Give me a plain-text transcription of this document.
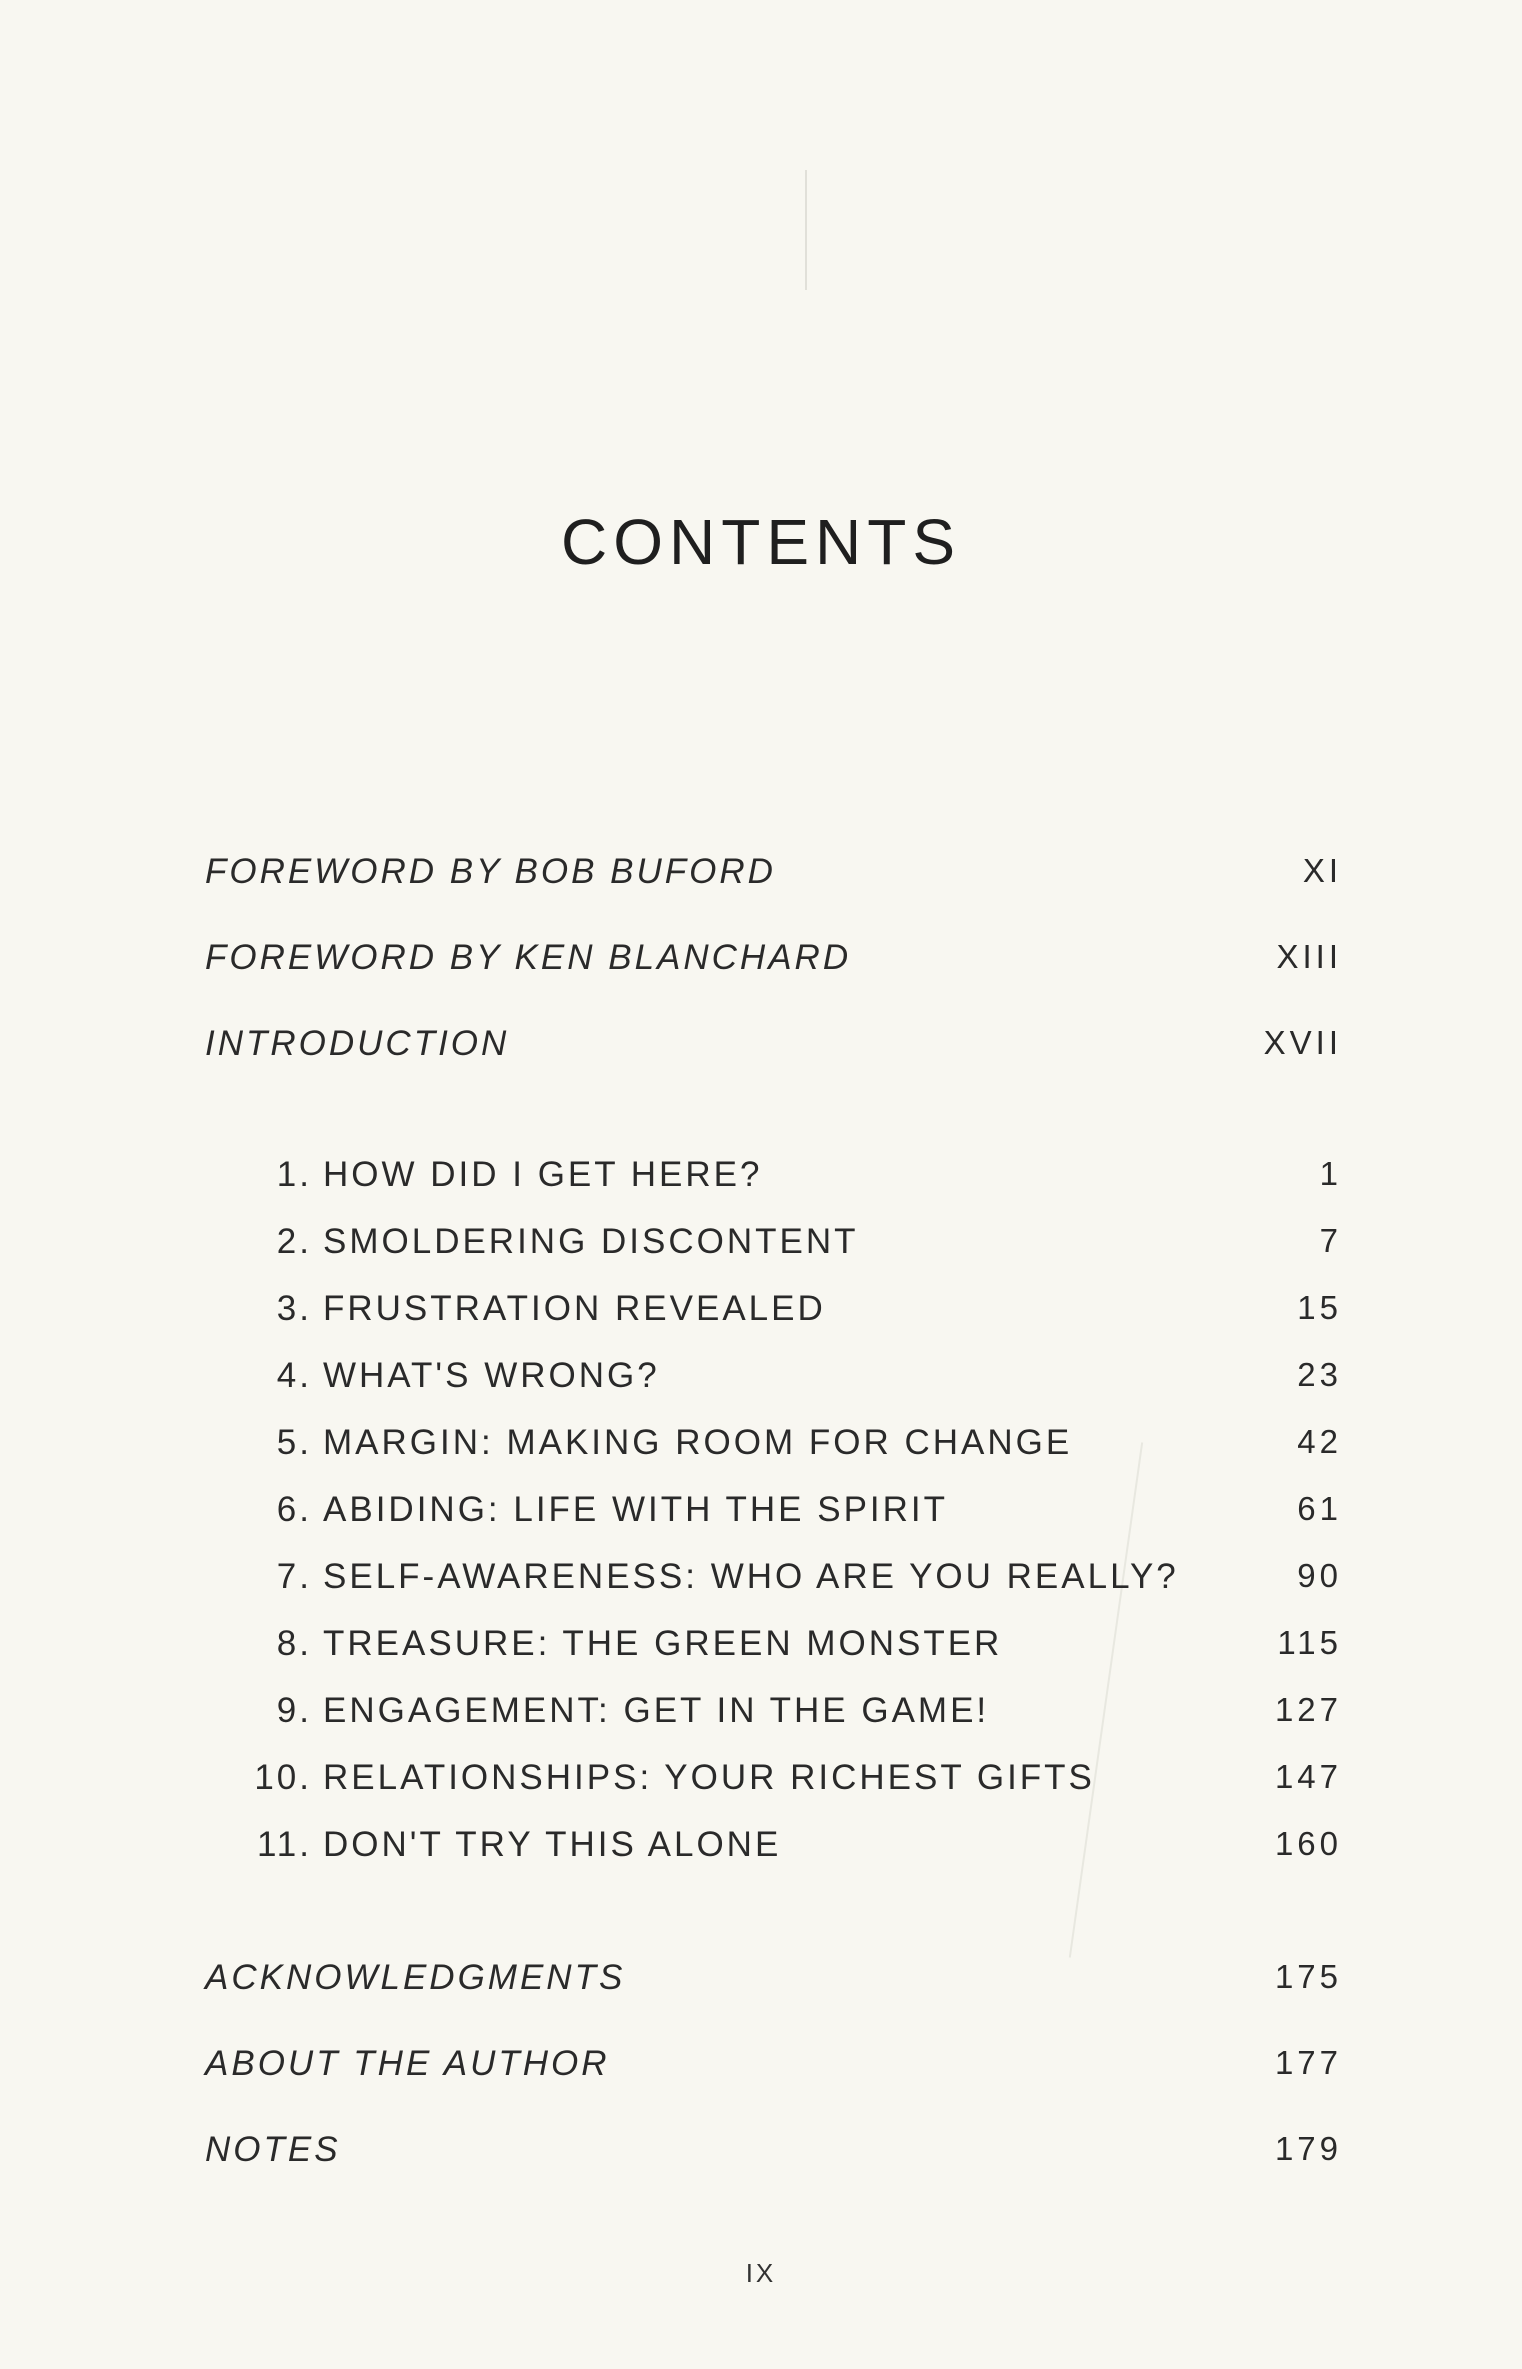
CONTENTS
FOREWORD BY BOB BUFORD	XI
FOREWORD BY KEN BLANCHARD	XIII
INTRODUCTION	XVII
1. HOW DID I GET HERE?	1
2. SMOLDERING DISCONTENT	7
3. FRUSTRATION REVEALED	15
4. WHAT'S WRONG?	23
5. MARGIN: MAKING ROOM FOR CHANGE	42
6. ABIDING: LIFE WITH THE SPIRIT	61
7. SELF-AWARENESS: WHO ARE YOU REALLY?	90
8. TREASURE: THE GREEN MONSTER	115
9. ENGAGEMENT: GET IN THE GAME!	127
10. RELATIONSHIPS: YOUR RICHEST GIFTS	147
11. DON'T TRY THIS ALONE	160
ACKNOWLEDGMENTS	175
ABOUT THE AUTHOR	177
NOTES	179
IX
